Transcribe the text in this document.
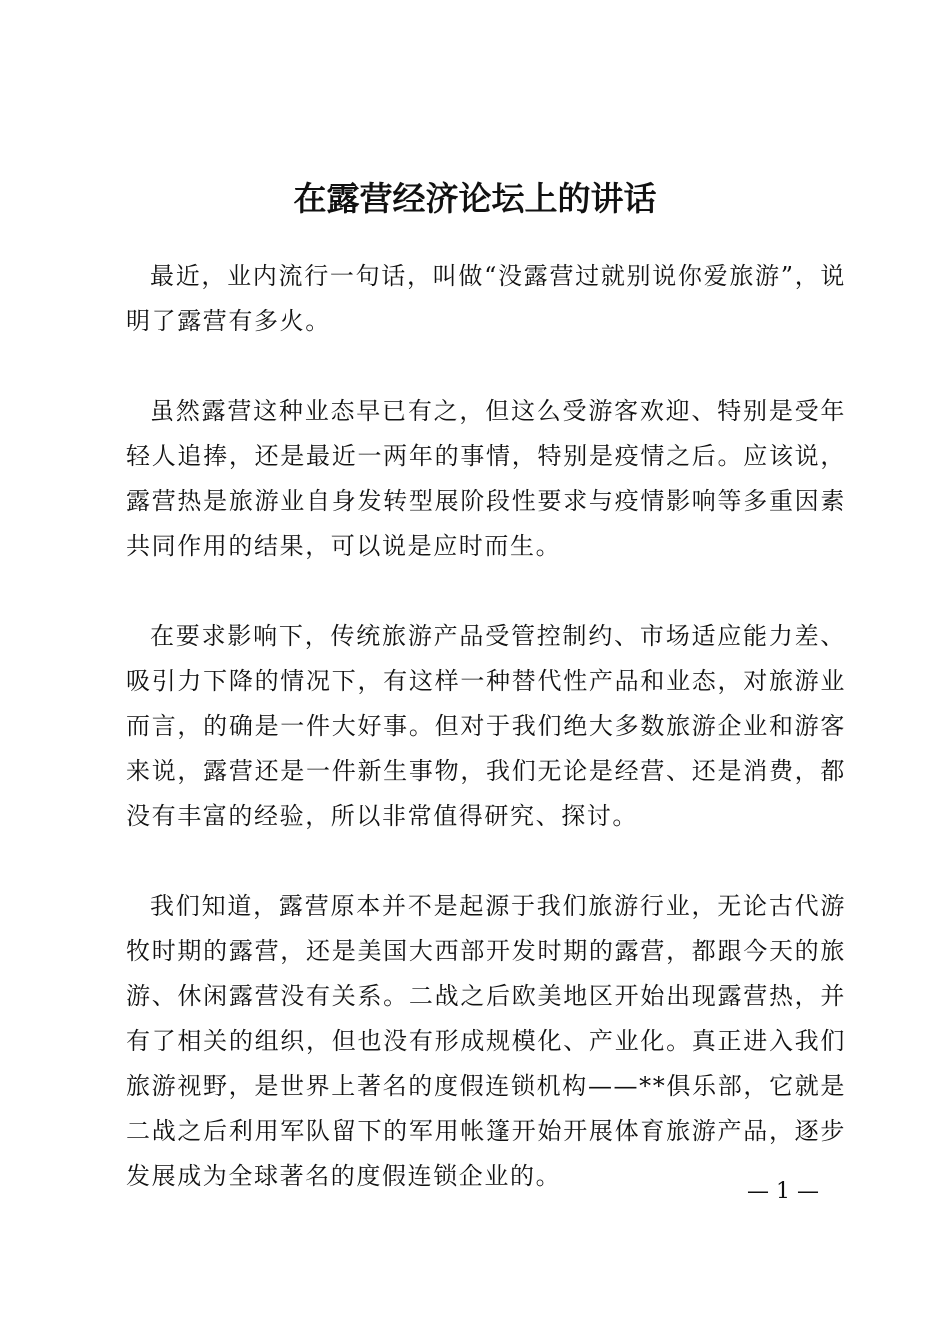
在露营经济论坛上的讲话

最近，业内流行一句话，叫做“没露营过就别说你爱旅游”，说明了露营有多火。

虽然露营这种业态早已有之，但这么受游客欢迎、特别是受年轻人追捧，还是最近一两年的事情，特别是疫情之后。应该说，露营热是旅游业自身发转型展阶段性要求与疫情影响等多重因素共同作用的结果，可以说是应时而生。

在要求影响下，传统旅游产品受管控制约、市场适应能力差、吸引力下降的情况下，有这样一种替代性产品和业态，对旅游业而言，的确是一件大好事。但对于我们绝大多数旅游企业和游客来说，露营还是一件新生事物，我们无论是经营、还是消费，都没有丰富的经验，所以非常值得研究、探讨。

我们知道，露营原本并不是起源于我们旅游行业，无论古代游牧时期的露营，还是美国大西部开发时期的露营，都跟今天的旅游、休闲露营没有关系。二战之后欧美地区开始出现露营热，并有了相关的组织，但也没有形成规模化、产业化。真正进入我们旅游视野，是世界上著名的度假连锁机构——**俱乐部，它就是二战之后利用军队留下的军用帐篷开始开展体育旅游产品，逐步发展成为全球著名的度假连锁企业的。

— 1 —
